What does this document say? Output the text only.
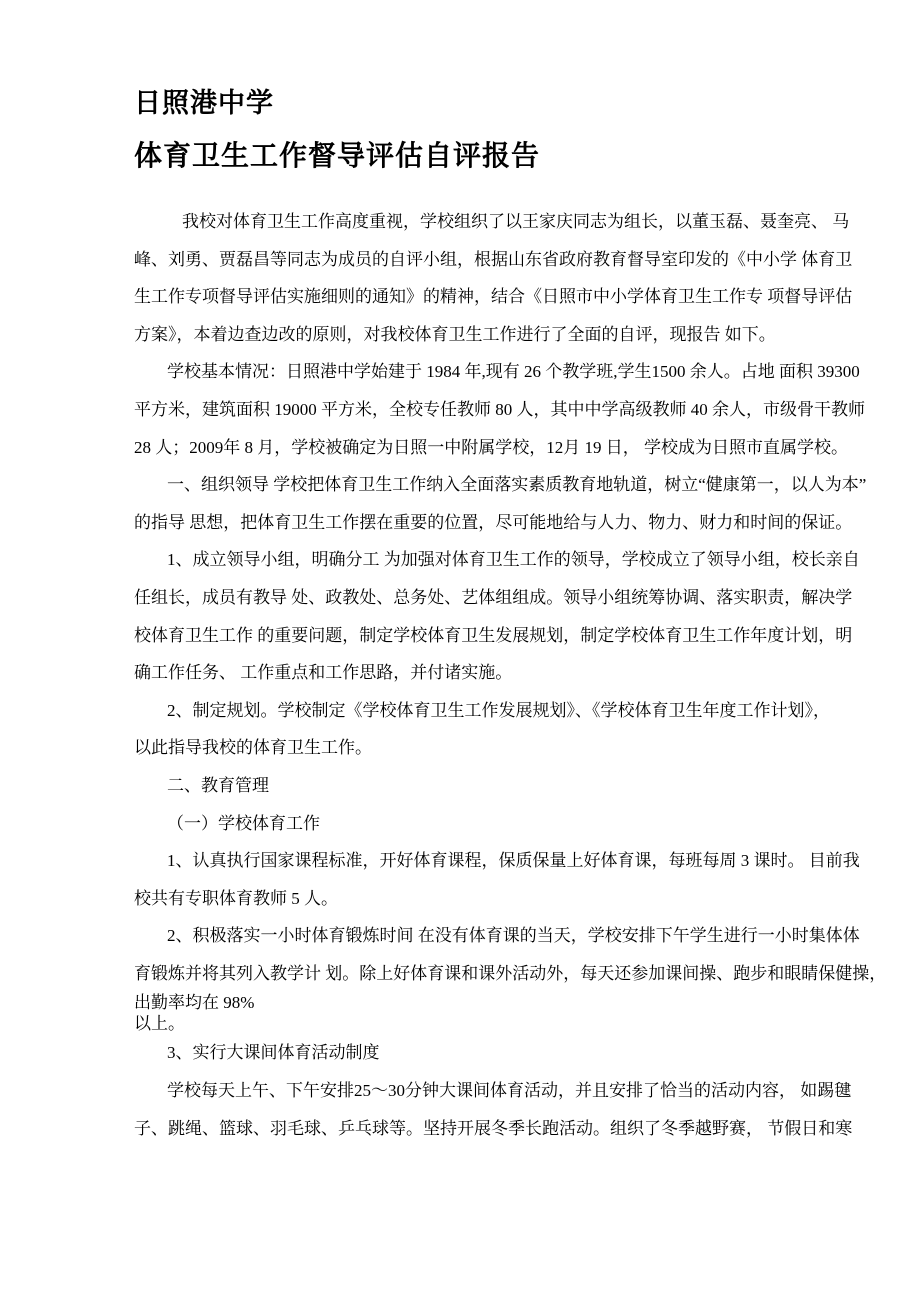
日照港中学
体育卫生工作督导评估自评报告
我校对体育卫生工作高度重视，学校组织了以王家庆同志为组长，以董玉磊、聂奎亮、 马
峰、刘勇、贾磊昌等同志为成员的自评小组，根据山东省政府教育督导室印发的《中小学 体育卫
生工作专项督导评估实施细则的通知》的精神，结合《日照市中小学体育卫生工作专 项督导评估
方案》，本着边查边改的原则，对我校体育卫生工作进行了全面的自评，现报告 如下。
学校基本情况：日照港中学始建于 1984 年,现有 26 个教学班,学生1500 余人。占地 面积 39300
平方米，建筑面积 19000 平方米，全校专任教师 80 人，其中中学高级教师 40 余人，市级骨干教师
28 人；2009年 8 月，学校被确定为日照一中附属学校，12月 19 日， 学校成为日照市直属学校。
一、组织领导 学校把体育卫生工作纳入全面落实素质教育地轨道，树立“健康第一，以人为本”
的指导 思想，把体育卫生工作摆在重要的位置，尽可能地给与人力、物力、财力和时间的保证。
1、成立领导小组，明确分工 为加强对体育卫生工作的领导，学校成立了领导小组，校长亲自
任组长，成员有教导 处、政教处、总务处、艺体组组成。领导小组统筹协调、落实职责，解决学
校体育卫生工作 的重要问题，制定学校体育卫生发展规划，制定学校体育卫生工作年度计划，明
确工作任务、 工作重点和工作思路，并付诸实施。
2、制定规划。学校制定《学校体育卫生工作发展规划》、《学校体育卫生年度工作计划》，
以此指导我校的体育卫生工作。
二、教育管理
（一）学校体育工作
1、认真执行国家课程标准，开好体育课程，保质保量上好体育课，每班每周 3 课时。 目前我
校共有专职体育教师 5 人。
2、积极落实一小时体育锻炼时间 在没有体育课的当天，学校安排下午学生进行一小时集体体
育锻炼并将其列入教学计 划。除上好体育课和课外活动外，每天还参加课间操、跑步和眼睛保健操，
出勤率均在 98%
以上。
3、实行大课间体育活动制度
学校每天上午、下午安排25～30分钟大课间体育活动，并且安排了恰当的活动内容， 如踢毽
子、跳绳、篮球、羽毛球、乒乓球等。坚持开展冬季长跑活动。组织了冬季越野赛， 节假日和寒
